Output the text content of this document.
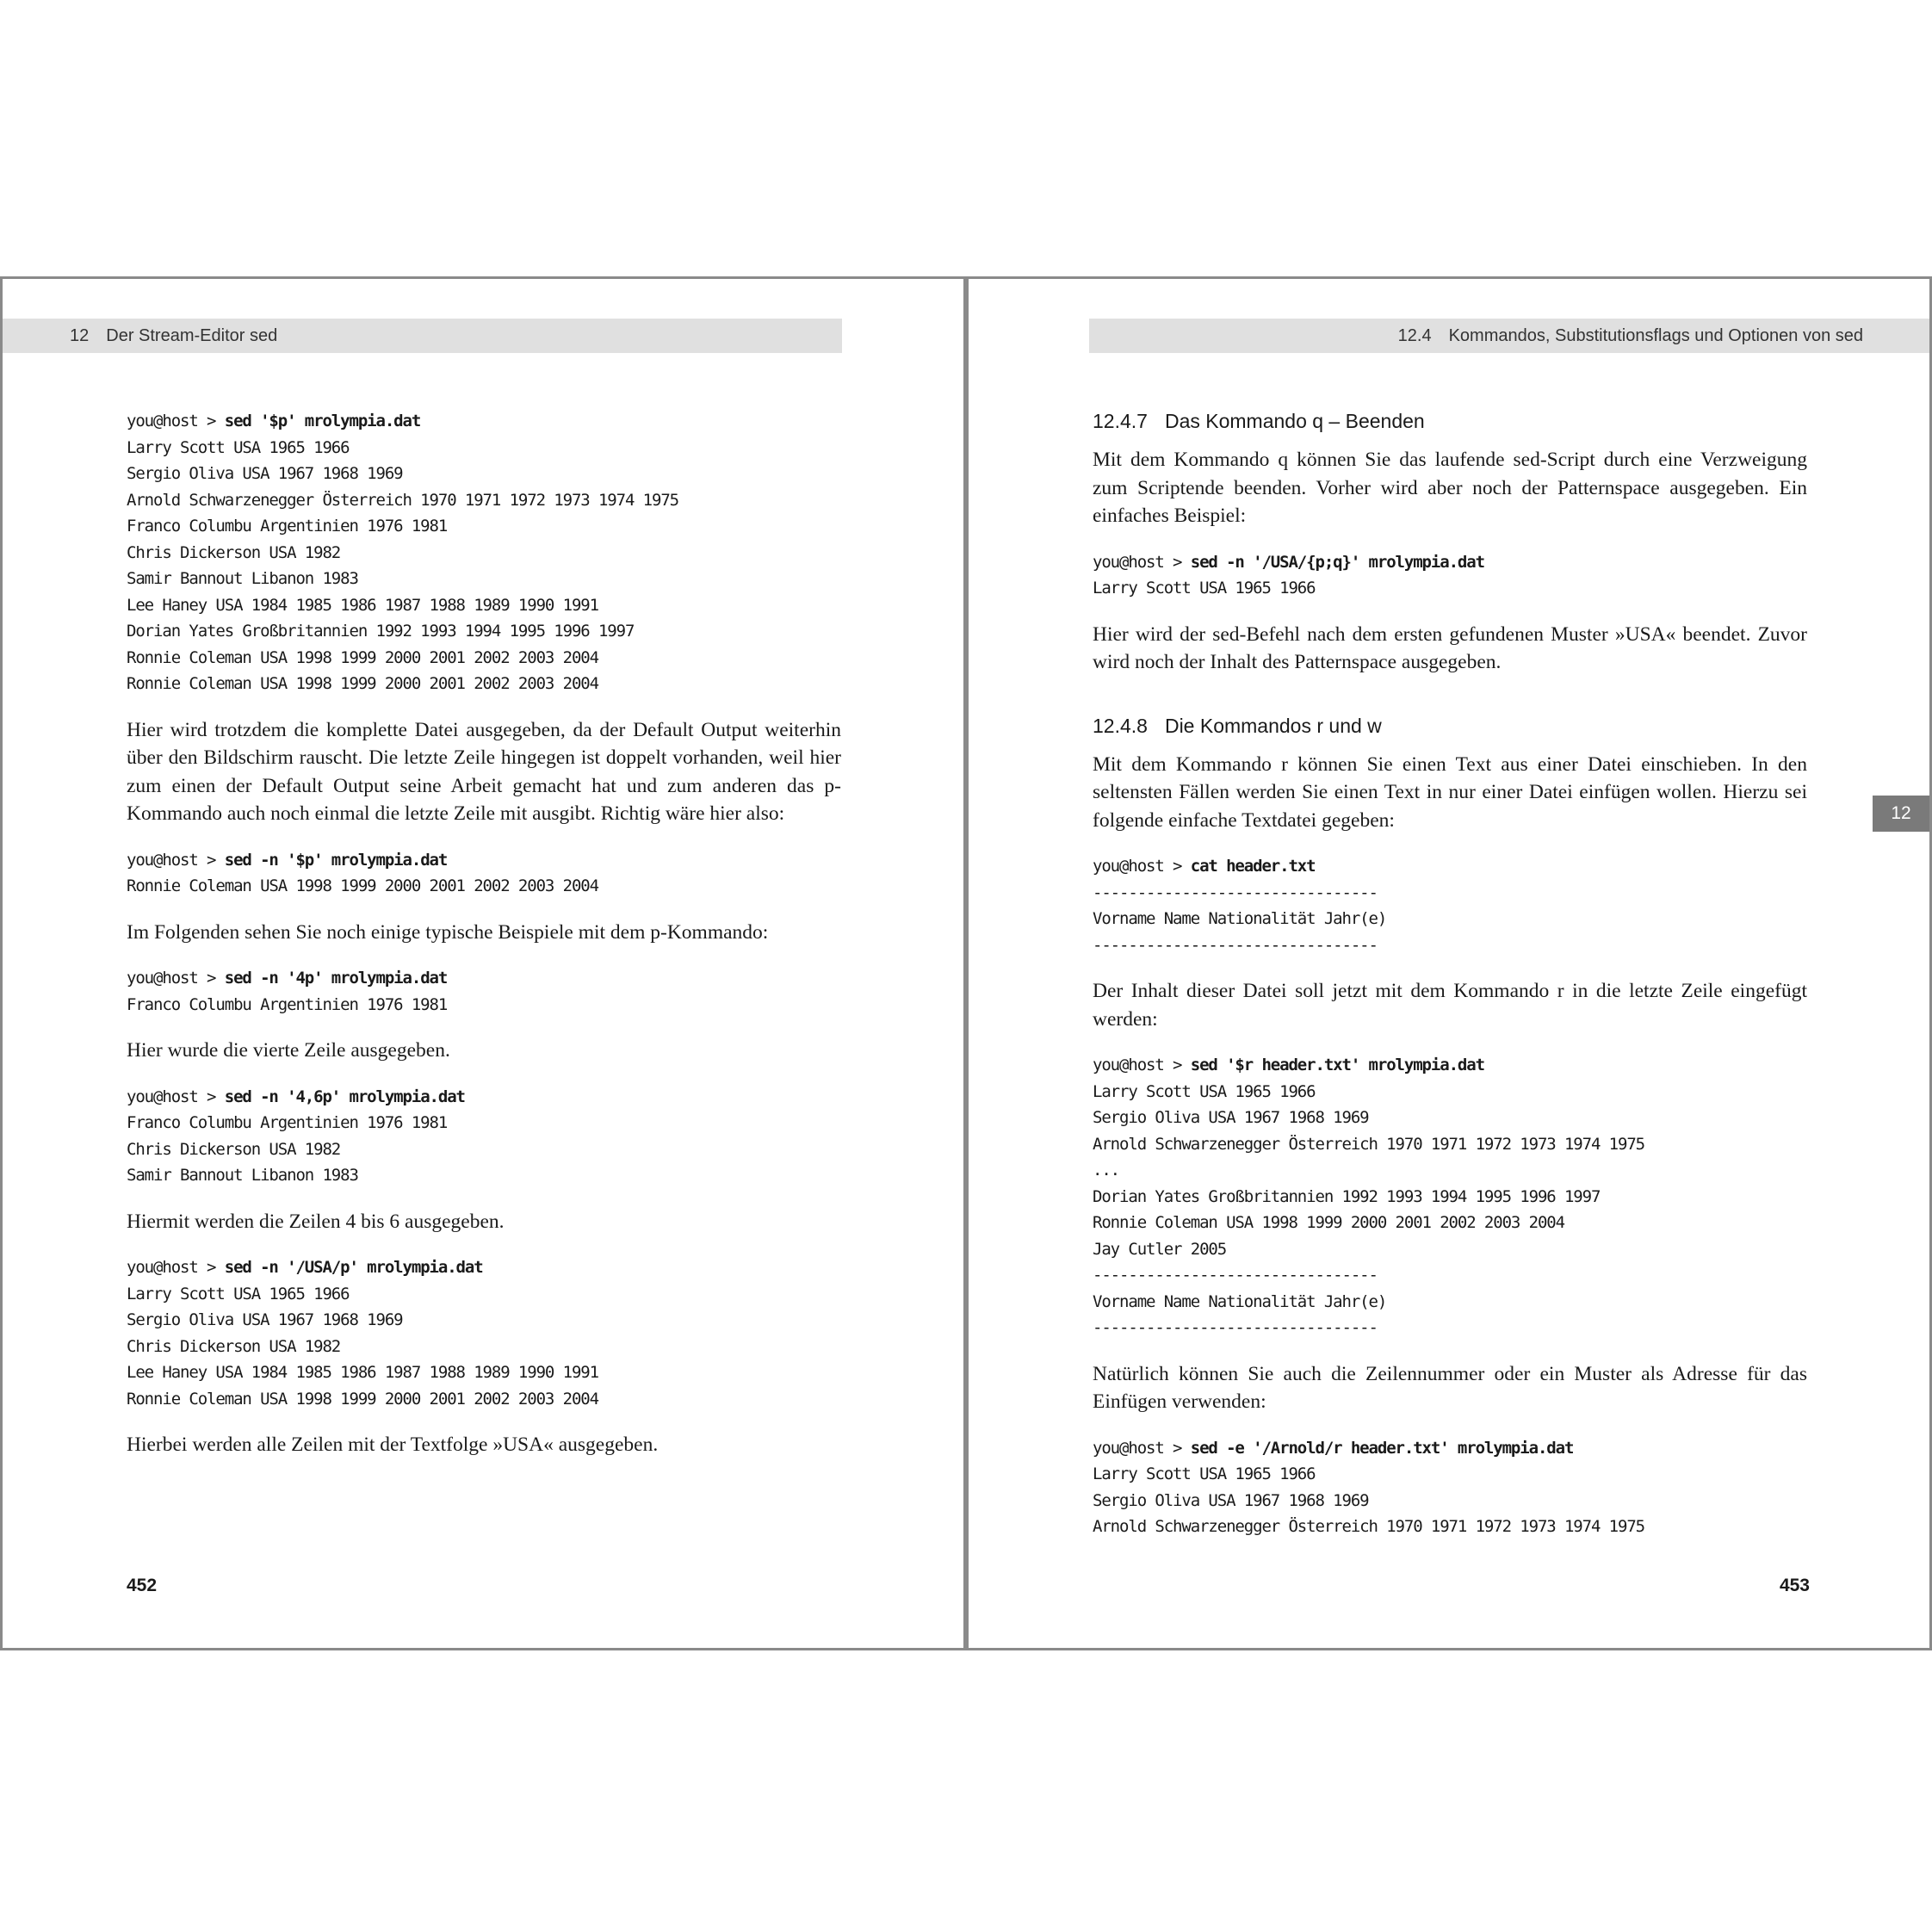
12 Der Stream-Editor sed
you@host > sed '$p' mrolympia.dat
Larry Scott USA 1965 1966
Sergio Oliva USA 1967 1968 1969
Arnold Schwarzenegger Österreich 1970 1971 1972 1973 1974 1975
Franco Columbu Argentinien 1976 1981
Chris Dickerson USA 1982
Samir Bannout Libanon 1983
Lee Haney USA 1984 1985 1986 1987 1988 1989 1990 1991
Dorian Yates Großbritannien 1992 1993 1994 1995 1996 1997
Ronnie Coleman USA 1998 1999 2000 2001 2002 2003 2004
Ronnie Coleman USA 1998 1999 2000 2001 2002 2003 2004

Hier wird trotzdem die komplette Datei ausgegeben, da der Default Output weiterhin über den Bildschirm rauscht. Die letzte Zeile hingegen ist doppelt vorhanden, weil hier zum einen der Default Output seine Arbeit gemacht hat und zum anderen das p-Kommando auch noch einmal die letzte Zeile mit ausgibt. Richtig wäre hier also:

you@host > sed -n '$p' mrolympia.dat
Ronnie Coleman USA 1998 1999 2000 2001 2002 2003 2004

Im Folgenden sehen Sie noch einige typische Beispiele mit dem p-Kommando:

you@host > sed -n '4p' mrolympia.dat
Franco Columbu Argentinien 1976 1981

Hier wurde die vierte Zeile ausgegeben.

you@host > sed -n '4,6p' mrolympia.dat
Franco Columbu Argentinien 1976 1981
Chris Dickerson USA 1982
Samir Bannout Libanon 1983

Hiermit werden die Zeilen 4 bis 6 ausgegeben.

you@host > sed -n '/USA/p' mrolympia.dat
Larry Scott USA 1965 1966
Sergio Oliva USA 1967 1968 1969
Chris Dickerson USA 1982
Lee Haney USA 1984 1985 1986 1987 1988 1989 1990 1991
Ronnie Coleman USA 1998 1999 2000 2001 2002 2003 2004

Hierbei werden alle Zeilen mit der Textfolge »USA« ausgegeben.

452
12.4 Kommandos, Substitutionsflags und Optionen von sed
12.4.7 Das Kommando q – Beenden

Mit dem Kommando q können Sie das laufende sed-Script durch eine Verzweigung zum Scriptende beenden. Vorher wird aber noch der Patternspace ausgegeben. Ein einfaches Beispiel:

you@host > sed -n '/USA/{p;q}' mrolympia.dat
Larry Scott USA 1965 1966

Hier wird der sed-Befehl nach dem ersten gefundenen Muster »USA« beendet. Zuvor wird noch der Inhalt des Patternspace ausgegeben.

12.4.8 Die Kommandos r und w

Mit dem Kommando r können Sie einen Text aus einer Datei einschieben. In den seltensten Fällen werden Sie einen Text in nur einer Datei einfügen wollen. Hierzu sei folgende einfache Textdatei gegeben:

you@host > cat header.txt
--------------------------------
Vorname Name Nationalität Jahr(e)
--------------------------------

Der Inhalt dieser Datei soll jetzt mit dem Kommando r in die letzte Zeile eingefügt werden:

you@host > sed '$r header.txt' mrolympia.dat
Larry Scott USA 1965 1966
Sergio Oliva USA 1967 1968 1969
Arnold Schwarzenegger Österreich 1970 1971 1972 1973 1974 1975
...
Dorian Yates Großbritannien 1992 1993 1994 1995 1996 1997
Ronnie Coleman USA 1998 1999 2000 2001 2002 2003 2004
Jay Cutler 2005
--------------------------------
Vorname Name Nationalität Jahr(e)
--------------------------------

Natürlich können Sie auch die Zeilennummer oder ein Muster als Adresse für das Einfügen verwenden:

you@host > sed -e '/Arnold/r header.txt' mrolympia.dat
Larry Scott USA 1965 1966
Sergio Oliva USA 1967 1968 1969
Arnold Schwarzenegger Österreich 1970 1971 1972 1973 1974 1975
12
453
